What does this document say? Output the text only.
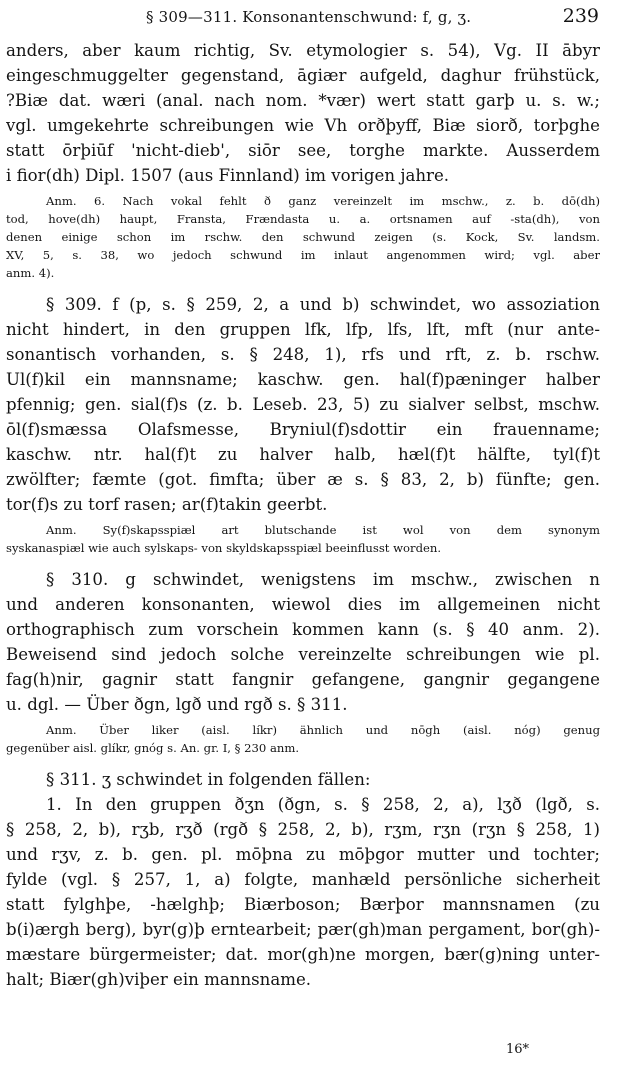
§ 309—311. Konsonantenschwund: f, g, ʒ.	239
anders, aber kaum richtig, Sv. etymologier s. 54), Vg. II ābyr
eingeschmuggelter gegenstand, āgiær aufgeld, daghur frühstück,
?Biæ dat. wæri (anal. nach nom. *vær) wert statt garþ u. s. w.;
vgl. umgekehrte schreibungen wie Vh orðþyff, Biæ siorð, torþghe
statt ōrþiūf 'nicht-dieb', siōr see, torghe markte. Ausserdem
i fior(dh) Dipl. 1507 (aus Finnland) im vorigen jahre.
Anm. 6. Nach vokal fehlt ð ganz vereinzelt im mschw., z. b. dō(dh)
tod, hove(dh) haupt, Fransta, Frændasta u. a. ortsnamen auf -sta(dh), von
denen einige schon im rschw. den schwund zeigen (s. Kock, Sv. landsm.
XV, 5, s. 38, wo jedoch schwund im inlaut angenommen wird; vgl. aber
anm. 4).
§ 309. f (p, s. § 259, 2, a und b) schwindet, wo assoziation
nicht hindert, in den gruppen lfk, lfp, lfs, lft, mft (nur ante-
sonantisch vorhanden, s. § 248, 1), rfs und rft, z. b. rschw.
Ul(f)kil ein mannsname; kaschw. gen. hal(f)pæninger halber
pfennig; gen. sial(f)s (z. b. Leseb. 23, 5) zu sialver selbst, mschw.
ōl(f)smæssa Olafsmesse, Bryniul(f)sdottir ein frauenname;
kaschw. ntr. hal(f)t zu halver halb, hæl(f)t hälfte, tyl(f)t
zwölfter; fæmte (got. fimfta; über æ s. § 83, 2, b) fünfte; gen.
tor(f)s zu torf rasen; ar(f)takin geerbt.
Anm. Sy(f)skapsspiæl art blutschande ist wol von dem synonym
syskanaspiæl wie auch sylskaps- von skyldskapsspiæl beeinflusst worden.
§ 310. g schwindet, wenigstens im mschw., zwischen n
und anderen konsonanten, wiewol dies im allgemeinen nicht
orthographisch zum vorschein kommen kann (s. § 40 anm. 2).
Beweisend sind jedoch solche vereinzelte schreibungen wie pl.
fag(h)nir, gagnir statt fangnir gefangene, gangnir gegangene
u. dgl. — Über ðgn, lgð und rgð s. § 311.
Anm. Über liker (aisl. líkr) ähnlich und nōgh (aisl. nóg) genug
gegenüber aisl. glíkr, gnóg s. An. gr. I, § 230 anm.
§ 311. ʒ schwindet in folgenden fällen:
1. In den gruppen ðʒn (ðgn, s. § 258, 2, a), lʒð (lgð, s.
§ 258, 2, b), rʒb, rʒð (rgð § 258, 2, b), rʒm, rʒn (rʒn § 258, 1)
und rʒv, z. b. gen. pl. mōþna zu mōþgor mutter und tochter;
fylde (vgl. § 257, 1, a) folgte, manhæld persönliche sicherheit
statt fylghþe, -hælghþ; Biærboson; Bærþor mannsnamen (zu
b(i)ærgh berg), byr(g)þ erntearbeit; pær(gh)man pergament, bor(gh)-
mæstare bürgermeister; dat. mor(gh)ne morgen, bær(g)ning unter-
halt; Biær(gh)viþer ein mannsname.
16*
